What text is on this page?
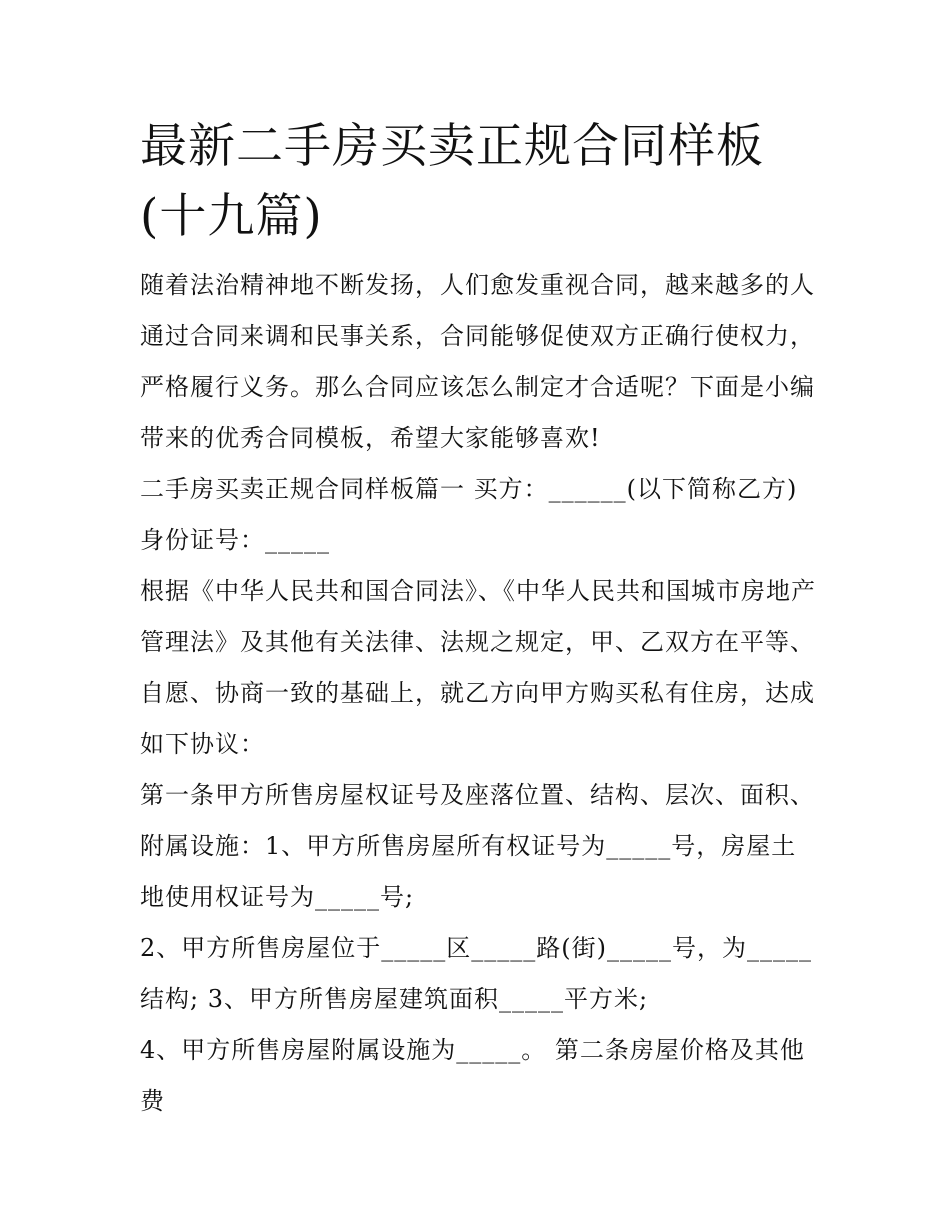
最新二手房买卖正规合同样板(十九篇)

随着法治精神地不断发扬，人们愈发重视合同，越来越多的人通过合同来调和民事关系，合同能够促使双方正确行使权力，严格履行义务。那么合同应该怎么制定才合适呢？下面是小编带来的优秀合同模板，希望大家能够喜欢!

二手房买卖正规合同样板篇一 买方：______(以下简称乙方)身份证号：_____

根据《中华人民共和国合同法》、《中华人民共和国城市房地产管理法》及其他有关法律、法规之规定，甲、乙双方在平等、自愿、协商一致的基础上，就乙方向甲方购买私有住房，达成如下协议：

第一条甲方所售房屋权证号及座落位置、结构、层次、面积、附属设施：1、甲方所售房屋所有权证号为_____号，房屋土地使用权证号为_____号;

2、甲方所售房屋位于_____区_____路(街)_____号，为_____结构; 3、甲方所售房屋建筑面积_____平方米;

4、甲方所售房屋附属设施为_____。 第二条房屋价格及其他费
